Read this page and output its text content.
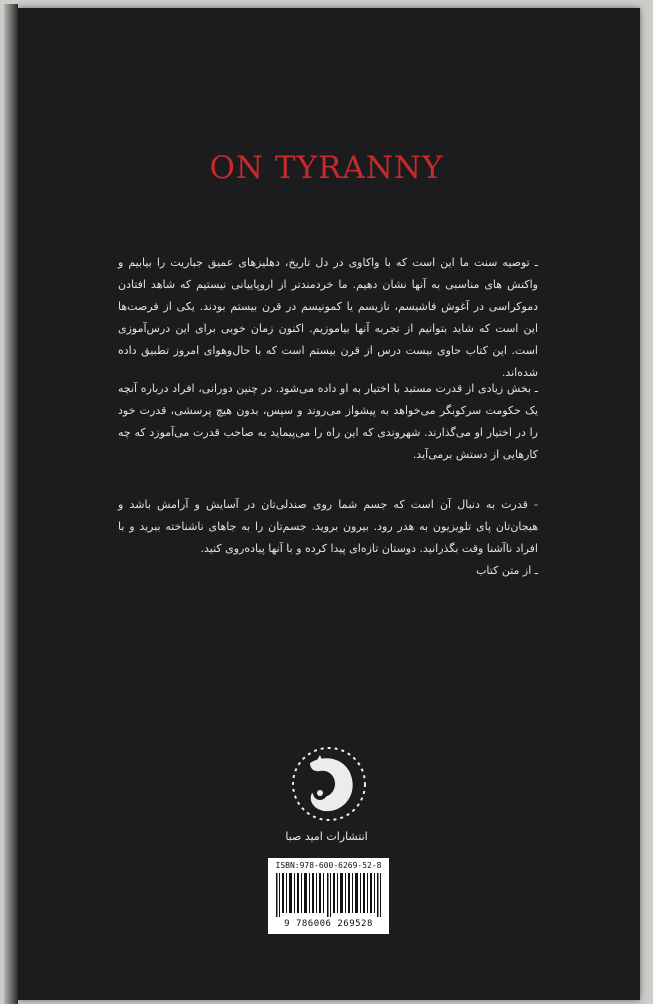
ON TYRANNY
ـ توصیه سنت ما این است که با واکاوی در دل تاریخ، دهلیزهای عمیق جباریت را بیابیم و واکنش های مناسبی به آنها نشان دهیم. ما خردمندتر از اروپاییانی نیستیم که شاهد افتادن دموکراسی در آغوش فاشیسم، نازیسم یا کمونیسم در قرن بیستم بودند. یکی از فرصت‌ها این است که شاید بتوانیم از تجربه آنها بیاموزیم. اکنون زمان خوبی برای این درس‌آموزی است. این کتاب حاوی بیست درس از قرن بیستم است که با حال‌وهوای امروز تطبیق داده شده‌اند.
ـ بخش زیادی از قدرت مستبد با اختیار به او داده می‌شود. در چنین دورانی، افراد درباره آنچه یک حکومت سرکوبگر می‌خواهد به پیشواز می‌روند و سپس، بدون هیچ پرسشی، قدرت خود را در اختیار او می‌گذارند. شهروندی که این راه را می‌پیماید به صاحب قدرت می‌آموزد که چه کارهایی از دستش برمی‌آید.
- قدرت به دنبال آن است که جسم شما روی صندلی‌تان در آسایش و آرامش باشد و هیجان‌تان پای تلویزیون به هدر رود. بیرون بروید. جسم‌تان را به جاهای ناشناخته ببرید و با افراد ناآشنا وقت بگذرانید. دوستان تازه‌ای پیدا کرده و با آنها پیاده‌روی کنید.
ـ از متن کتاب
انتشارات امید صبا
ISBN:978-600-6269-52-8
9 786006 269528
